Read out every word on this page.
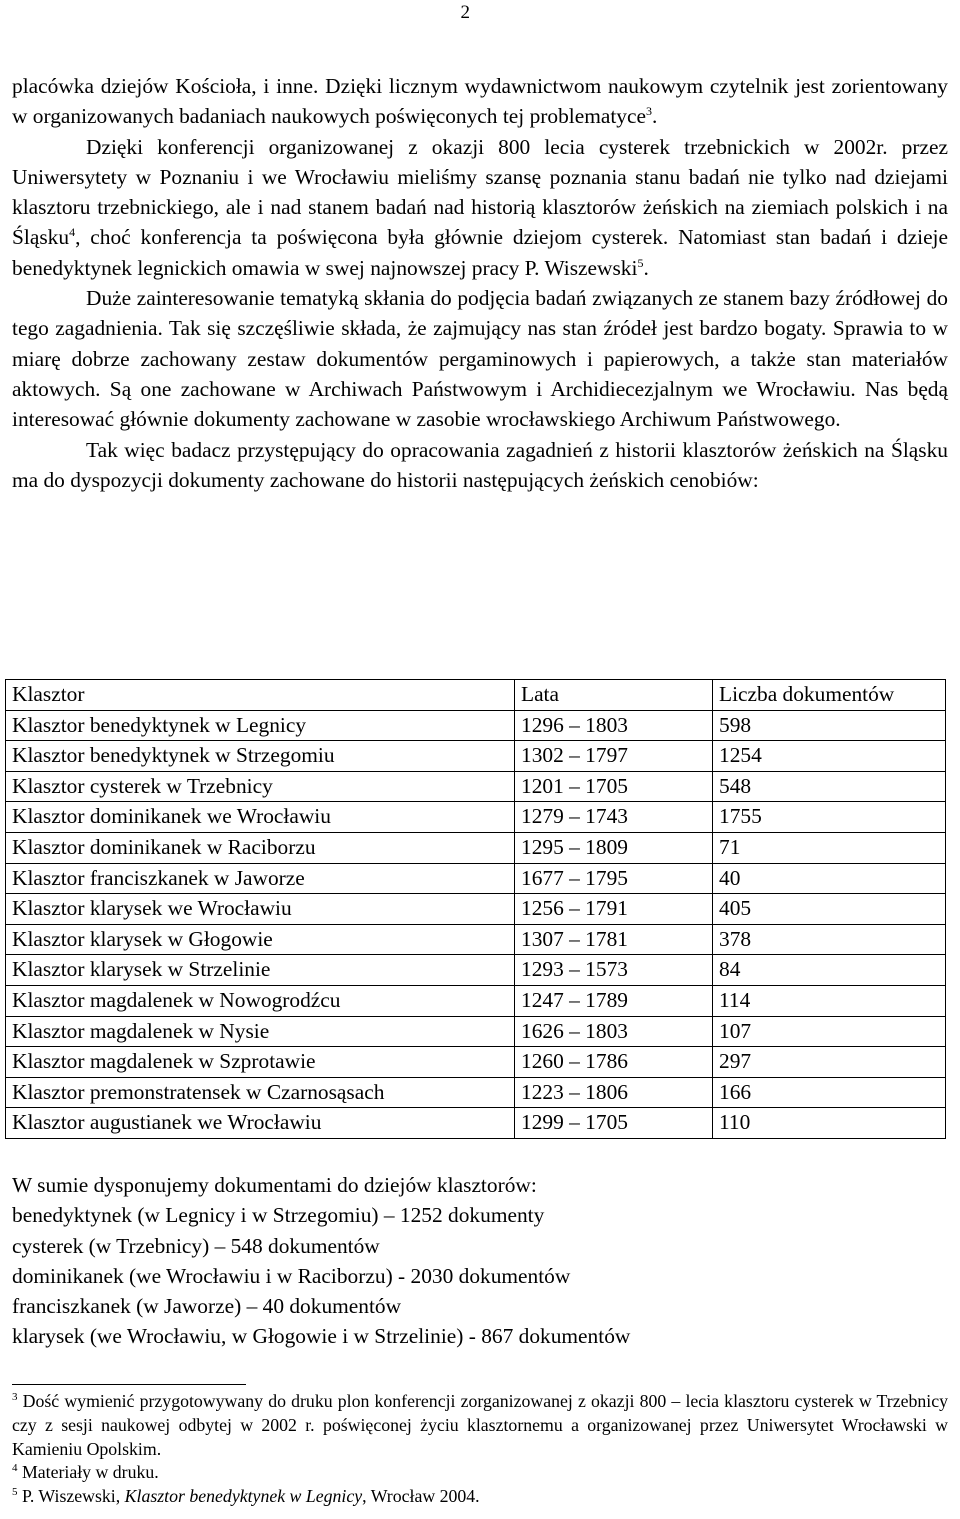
2

placówka dziejów Kościoła, i inne. Dzięki licznym wydawnictwom naukowym czytelnik jest zorientowany w organizowanych badaniach naukowych poświęconych tej problematyce$^3$.

Dzięki konferencji organizowanej z okazji 800 lecia cysterek trzebnickich w 2002r. przez Uniwersytety w Poznaniu i we Wrocławiu mieliśmy szansę poznania stanu badań nie tylko nad dziejami klasztoru trzebnickiego, ale i nad stanem badań nad historią klasztorów żeńskich na ziemiach polskich i na Śląsku$^4$, choć konferencja ta poświęcona była głównie dziejom cysterek. Natomiast stan badań i dzieje benedyktynek legnickich omawia w swej najnowszej pracy P. Wiszewski$^5$.

Duże zainteresowanie tematyką skłania do podjęcia badań związanych ze stanem bazy źródłowej do tego zagadnienia. Tak się szczęśliwie składa, że zajmujący nas stan źródeł jest bardzo bogaty. Sprawia to w miarę dobrze zachowany zestaw dokumentów pergaminowych i papierowych, a także stan materiałów aktowych. Są one zachowane w Archiwach Państwowym i Archidiecezjalnym we Wrocławiu. Nas będą interesować głównie dokumenty zachowane w zasobie wrocławskiego Archiwum Państwowego.

Tak więc badacz przystępujący do opracowania zagadnień z historii klasztorów żeńskich na Śląsku ma do dyspozycji dokumenty zachowane do historii następujących żeńskich cenobiów:

Klasztor	Lata	Liczba dokumentów
Klasztor benedyktynek w Legnicy	1296 – 1803	598
Klasztor benedyktynek w Strzegomiu	1302 – 1797	1254
Klasztor cysterek w Trzebnicy	1201 – 1705	548
Klasztor dominikanek we Wrocławiu	1279 – 1743	1755
Klasztor dominikanek w Raciborzu	1295 – 1809	71
Klasztor franciszkanek w Jaworze	1677 – 1795	40
Klasztor klarysek we Wrocławiu	1256 – 1791	405
Klasztor klarysek w Głogowie	1307 – 1781	378
Klasztor klarysek w Strzelinie	1293 – 1573	84
Klasztor magdalenek w Nowogrodźcu	1247 – 1789	114
Klasztor magdalenek w Nysie	1626 – 1803	107
Klasztor magdalenek w Szprotawie	1260 – 1786	297
Klasztor premonstratensek w Czarnosąsach	1223 – 1806	166
Klasztor augustianek we Wrocławiu	1299 – 1705	110
W sumie dysponujemy dokumentami do dziejów klasztorów:
benedyktynek (w Legnicy i w Strzegomiu) – 1252 dokumenty
cysterek (w Trzebnicy) – 548 dokumentów
dominikanek (we Wrocławiu i w Raciborzu) - 2030 dokumentów
franciszkanek (w Jaworze) – 40 dokumentów
klarysek (we Wrocławiu, w Głogowie i w Strzelinie) - 867 dokumentów

$^3$ Dość wymienić przygotowywany do druku plon konferencji zorganizowanej z okazji 800 – lecia klasztoru cysterek w Trzebnicy czy z sesji naukowej odbytej w 2002 r. poświęconej życiu klasztornemu a organizowanej przez Uniwersytet Wrocławski w Kamieniu Opolskim.

$^4$ Materiały w druku.

$^5$ P. Wiszewski, Klasztor benedyktynek w Legnicy, Wrocław 2004.
